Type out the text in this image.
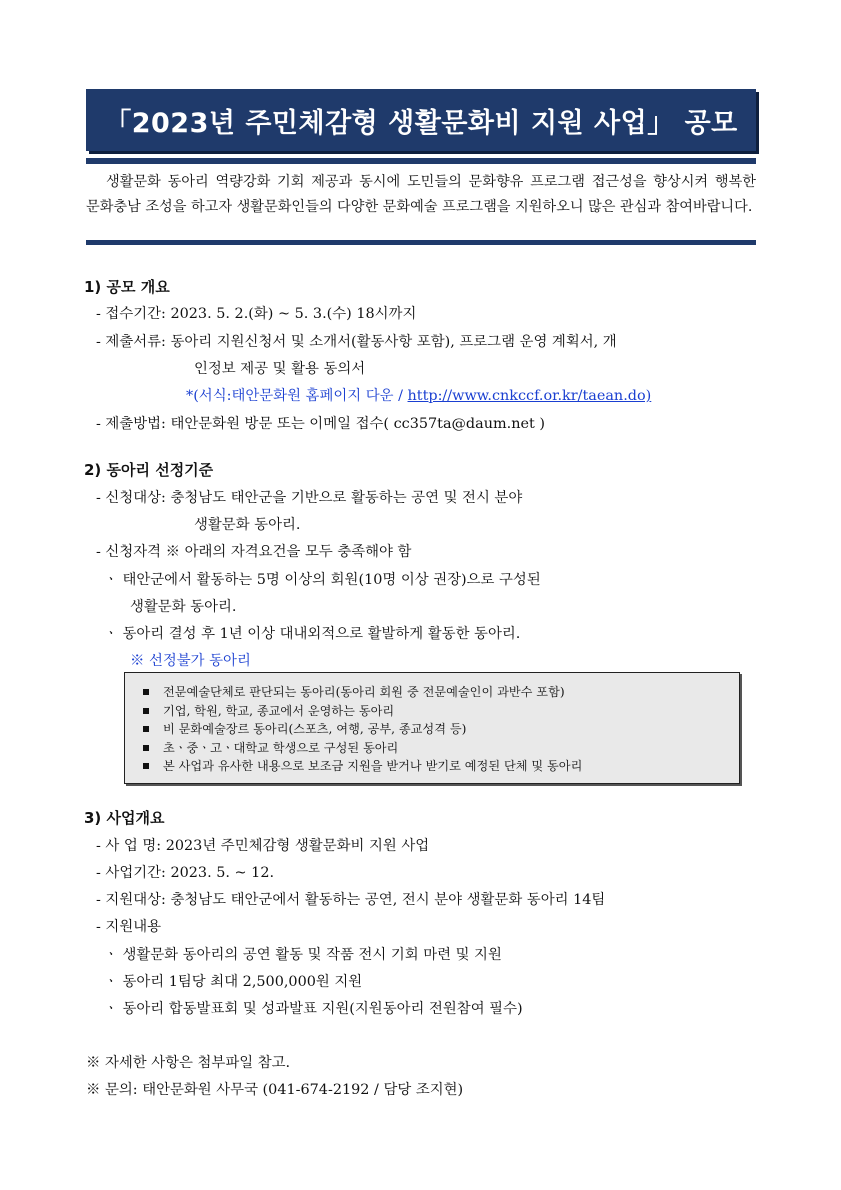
「2023년 주민체감형 생활문화비 지원 사업」 공모
생활문화 동아리 역량강화 기회 제공과 동시에 도민들의 문화향유 프로그램 접근성을 향상시켜 행복한 문화충남 조성을 하고자 생활문화인들의 다양한 문화예술 프로그램을 지원하오니 많은 관심과 참여바랍니다.
1) 공모 개요
- 접수기간: 2023. 5. 2.(화) ~ 5. 3.(수) 18시까지
- 제출서류: 동아리 지원신청서 및 소개서(활동사항 포함), 프로그램 운영 계획서, 개
인정보 제공 및 활용 동의서
*(서식:태안문화원 홈페이지 다운 / http://www.cnkccf.or.kr/taean.do)
- 제출방법: 태안문화원 방문 또는 이메일 접수( cc357ta@daum.net )
2) 동아리 선정기준
- 신청대상: 충청남도 태안군을 기반으로 활동하는 공연 및 전시 분야
생활문화 동아리.
- 신청자격 ※ 아래의 자격요건을 모두 충족해야 함
ㆍ 태안군에서 활동하는 5명 이상의 회원(10명 이상 권장)으로 구성된
생활문화 동아리.
ㆍ 동아리 결성 후 1년 이상 대내외적으로 활발하게 활동한 동아리.
※ 선정불가 동아리
전문예술단체로 판단되는 동아리(동아리 회원 중 전문예술인이 과반수 포함)
기업, 학원, 학교, 종교에서 운영하는 동아리
비 문화예술장르 동아리(스포츠, 여행, 공부, 종교성격 등)
초ㆍ중ㆍ고ㆍ대학교 학생으로 구성된 동아리
본 사업과 유사한 내용으로 보조금 지원을 받거나 받기로 예정된 단체 및 동아리
3) 사업개요
- 사 업 명: 2023년 주민체감형 생활문화비 지원 사업
- 사업기간: 2023. 5. ~ 12.
- 지원대상: 충청남도 태안군에서 활동하는 공연, 전시 분야 생활문화 동아리 14팀
- 지원내용
ㆍ 생활문화 동아리의 공연 활동 및 작품 전시 기회 마련 및 지원
ㆍ 동아리 1팀당 최대 2,500,000원 지원
ㆍ 동아리 합동발표회 및 성과발표 지원(지원동아리 전원참여 필수)
※ 자세한 사항은 첨부파일 참고.
※ 문의: 태안문화원 사무국 (041-674-2192 / 담당 조지현)
